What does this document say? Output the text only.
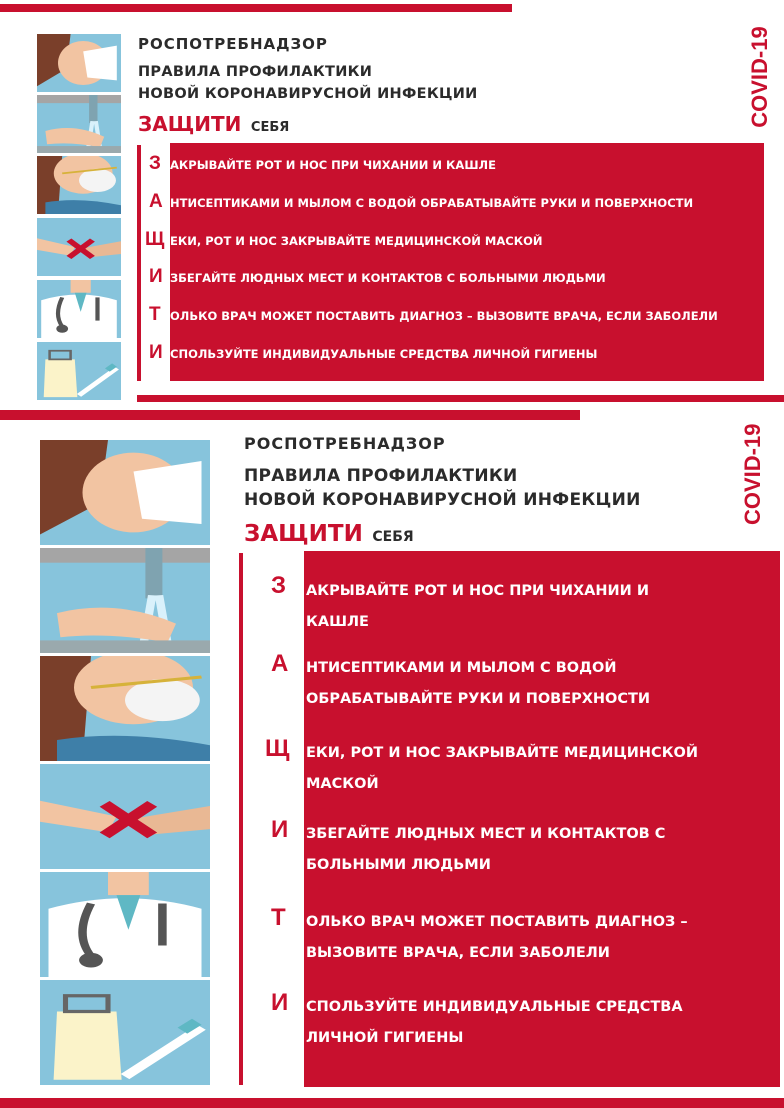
РОСПОТРЕБНАДЗОР
ПРАВИЛА ПРОФИЛАКТИКИ
НОВОЙ КОРОНАВИРУСНОЙ ИНФЕКЦИИ
ЗАЩИТИ СЕБЯ	COVID-19
З
А
Щ
И
Т
И
АКРЫВАЙТЕ РОТ И НОС ПРИ ЧИХАНИИ И КАШЛЕ
НТИСЕПТИКАМИ И МЫЛОМ С ВОДОЙ ОБРАБАТЫВАЙТЕ РУКИ И ПОВЕРХНОСТИ
ЕКИ, РОТ И НОС ЗАКРЫВАЙТЕ МЕДИЦИНСКОЙ МАСКОЙ
ЗБЕГАЙТЕ ЛЮДНЫХ МЕСТ И КОНТАКТОВ С БОЛЬНЫМИ ЛЮДЬМИ
ОЛЬКО ВРАЧ МОЖЕТ ПОСТАВИТЬ ДИАГНОЗ – ВЫЗОВИТЕ ВРАЧА, ЕСЛИ ЗАБОЛЕЛИ
СПОЛЬЗУЙТЕ ИНДИВИДУАЛЬНЫЕ СРЕДСТВА ЛИЧНОЙ ГИГИЕНЫ
РОСПОТРЕБНАДЗОР
ПРАВИЛА ПРОФИЛАКТИКИ
НОВОЙ КОРОНАВИРУСНОЙ ИНФЕКЦИИ
ЗАЩИТИ СЕБЯ
COVID-19
З
А
Щ
И
Т
И
АКРЫВАЙТЕ РОТ И НОС ПРИ ЧИХАНИИ И КАШЛЕ
НТИСЕПТИКАМИ И МЫЛОМ С ВОДОЙ ОБРАБАТЫВАЙТЕ РУКИ И ПОВЕРХНОСТИ
ЕКИ, РОТ И НОС ЗАКРЫВАЙТЕ МЕДИЦИНСКОЙ МАСКОЙ
ЗБЕГАЙТЕ ЛЮДНЫХ МЕСТ И КОНТАКТОВ С БОЛЬНЫМИ ЛЮДЬМИ
ОЛЬКО ВРАЧ МОЖЕТ ПОСТАВИТЬ ДИАГНОЗ – ВЫЗОВИТЕ ВРАЧА, ЕСЛИ ЗАБОЛЕЛИ
СПОЛЬЗУЙТЕ ИНДИВИДУАЛЬНЫЕ СРЕДСТВА ЛИЧНОЙ ГИГИЕНЫ
